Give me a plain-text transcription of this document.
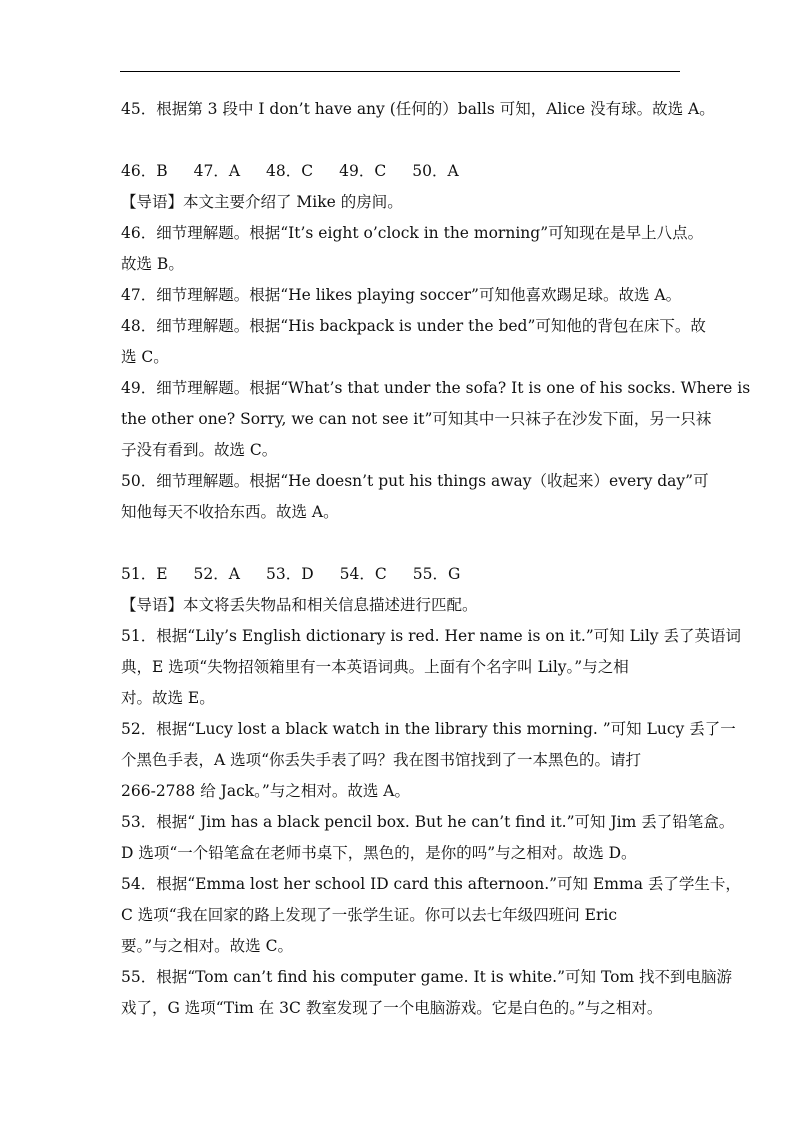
45．根据第 3 段中 I don’t have any (任何的）balls 可知，Alice 没有球。故选 A。
46．B 47．A 48．C 49．C 50．A
【导语】本文主要介绍了 Mike 的房间。
46．细节理解题。根据“It’s eight o’clock in the morning”可知现在是早上八点。
故选 B。
47．细节理解题。根据“He likes playing soccer”可知他喜欢踢足球。故选 A。
48．细节理解题。根据“His backpack is under the bed”可知他的背包在床下。故
选 C。
49．细节理解题。根据“What’s that under the sofa? It is one of his socks. Where is
the other one? Sorry, we can not see it”可知其中一只袜子在沙发下面，另一只袜
子没有看到。故选 C。
50．细节理解题。根据“He doesn’t put his things away（收起来）every day”可
知他每天不收拾东西。故选 A。
51．E 52．A 53．D 54．C 55．G
【导语】本文将丢失物品和相关信息描述进行匹配。
51．根据“Lily’s English dictionary is red. Her name is on it.”可知 Lily 丢了英语词
典，E 选项“失物招领箱里有一本英语词典。上面有个名字叫 Lily。”与之相
对。故选 E。
52．根据“Lucy lost a black watch in the library this morning. ”可知 Lucy 丢了一
个黑色手表，A 选项“你丢失手表了吗？我在图书馆找到了一本黑色的。请打
266-2788 给 Jack。”与之相对。故选 A。
53．根据“ Jim has a black pencil box. But he can’t find it.”可知 Jim 丢了铅笔盒。
D 选项“一个铅笔盒在老师书桌下，黑色的，是你的吗”与之相对。故选 D。
54．根据“Emma lost her school ID card this afternoon.”可知 Emma 丢了学生卡，
C 选项“我在回家的路上发现了一张学生证。你可以去七年级四班问 Eric
要。”与之相对。故选 C。
55．根据“Tom can’t find his computer game. It is white.”可知 Tom 找不到电脑游
戏了，G 选项“Tim 在 3C 教室发现了一个电脑游戏。它是白色的。”与之相对。
